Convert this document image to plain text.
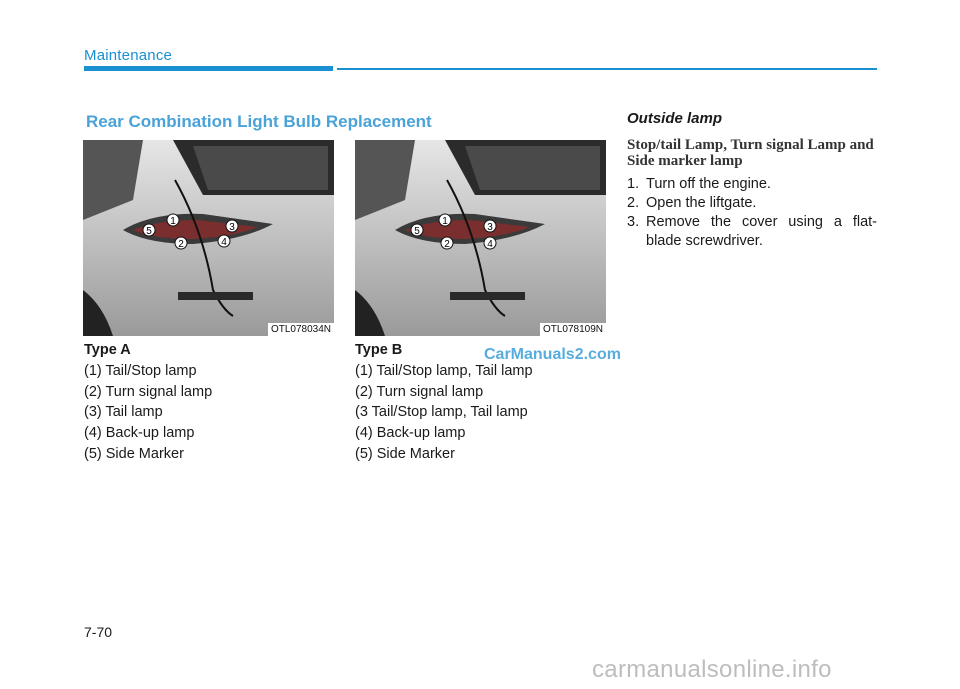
Maintenance
Rear Combination Light Bulb Replacement
1
2
3
4
5
OTL078034N
1
2
3
4
5
OTL078109N
Type A
(1) Tail/Stop lamp
(2) Turn signal lamp
(3) Tail lamp
(4) Back-up lamp
(5) Side Marker
Type B
(1) Tail/Stop lamp, Tail lamp
(2) Turn signal lamp
(3 Tail/Stop lamp, Tail lamp
(4) Back-up lamp
(5) Side Marker
Outside lamp
Stop/tail Lamp, Turn signal Lamp and Side marker lamp
1. Turn off the engine.
2. Open the liftgate.
3. Remove the cover using a flat-blade screwdriver.
CarManuals2.com
7-70
carmanualsonline.info
